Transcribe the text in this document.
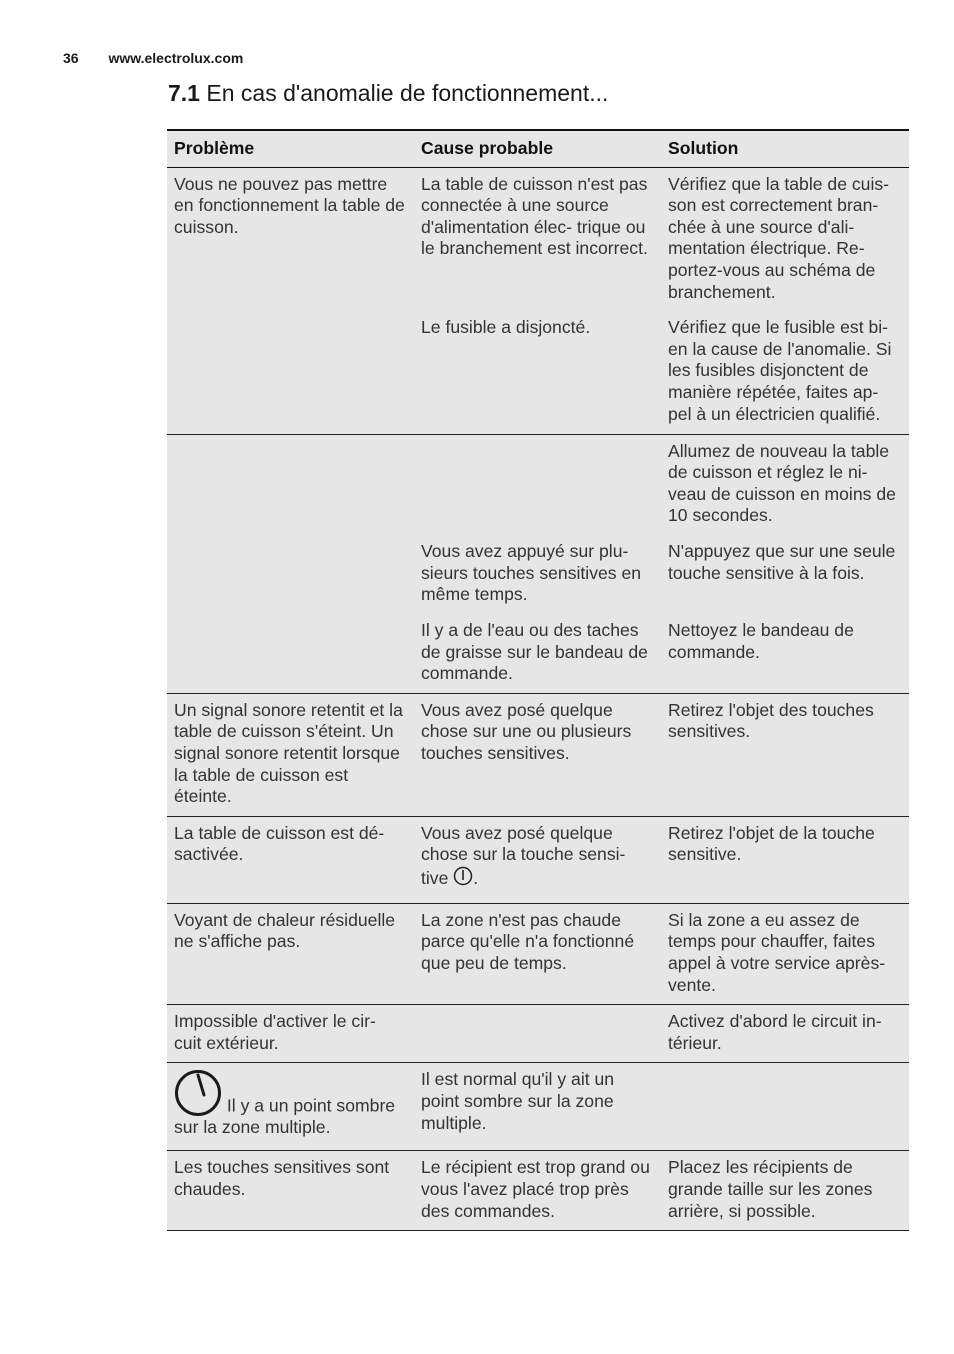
36 www.electrolux.com
7.1 En cas d'anomalie de fonctionnement...
Problème	Cause probable	Solution
Vous ne pouvez pas mettre en fonctionnement la table de cuisson.	La table de cuisson n'est pas connectée à une source d'alimentation élec- trique ou le branchement est incorrect.	Vérifiez que la table de cuis- son est correctement bran- chée à une source d'ali- mentation électrique. Re- portez-vous au schéma de branchement.
	Le fusible a disjoncté.	Vérifiez que le fusible est bi- en la cause de l'anomalie. Si les fusibles disjonctent de manière répétée, faites ap- pel à un électricien qualifié.
		Allumez de nouveau la table de cuisson et réglez le ni- veau de cuisson en moins de 10 secondes.
	Vous avez appuyé sur plu- sieurs touches sensitives en même temps.	N'appuyez que sur une seule touche sensitive à la fois.
	Il y a de l'eau ou des taches de graisse sur le bandeau de commande.	Nettoyez le bandeau de commande.
Un signal sonore retentit et la table de cuisson s'éteint. Un signal sonore retentit lorsque la table de cuisson est éteinte.	Vous avez posé quelque chose sur une ou plusieurs touches sensitives.	Retirez l'objet des touches sensitives.
La table de cuisson est dé- sactivée.	Vous avez posé quelque chose sur la touche sensi- tive .	Retirez l'objet de la touche sensitive.
Voyant de chaleur résiduelle ne s'affiche pas.	La zone n'est pas chaude parce qu'elle n'a fonctionné que peu de temps.	Si la zone a eu assez de temps pour chauffer, faites appel à votre service après- vente.
Impossible d'activer le cir- cuit extérieur.		Activez d'abord le circuit in- térieur.
Il y a un point sombre sur la zone multiple.	Il est normal qu'il y ait un point sombre sur la zone multiple.	
Les touches sensitives sont chaudes.	Le récipient est trop grand ou vous l'avez placé trop près des commandes.	Placez les récipients de grande taille sur les zones arrière, si possible.
